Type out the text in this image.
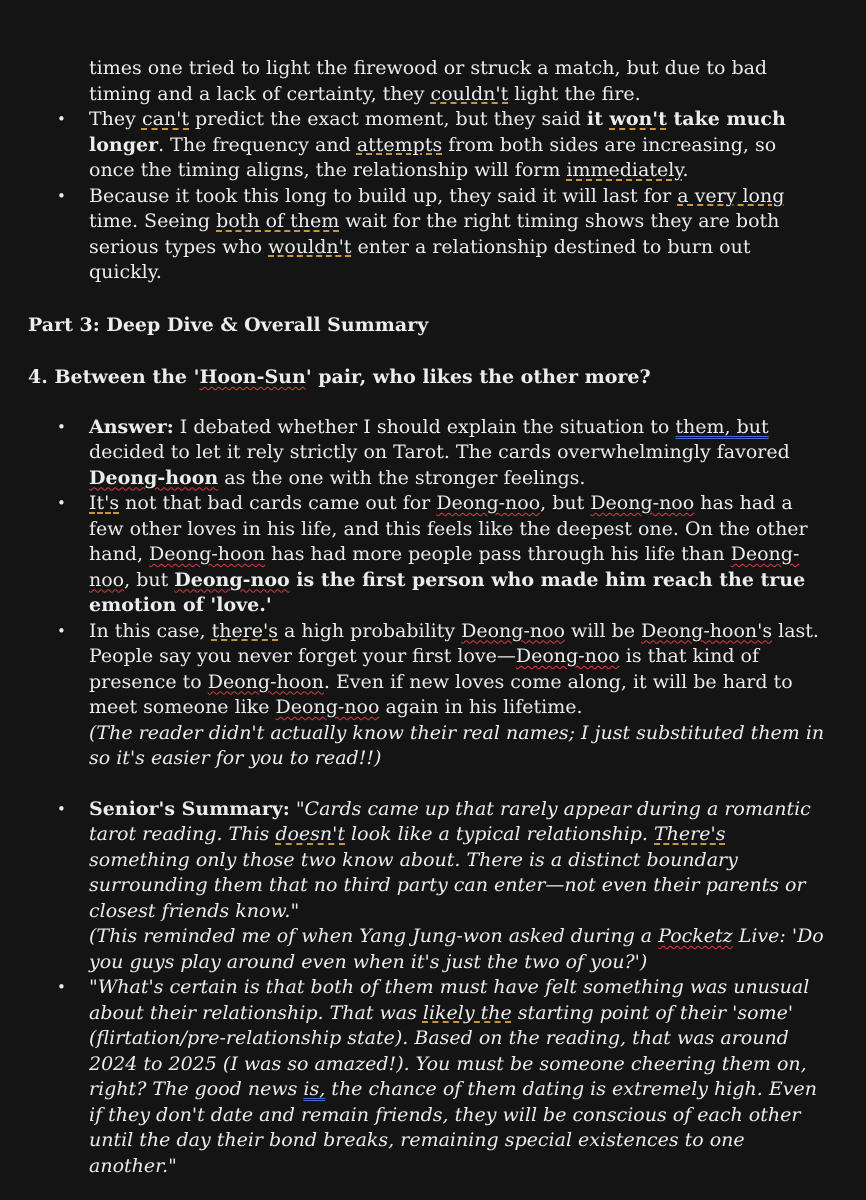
times one tried to light the firewood or struck a match, but due to bad timing and a lack of certainty, they couldn't light the fire.
• They can't predict the exact moment, but they said it won't take much longer. The frequency and attempts from both sides are increasing, so once the timing aligns, the relationship will form immediately.
• Because it took this long to build up, they said it will last for a very long time. Seeing both of them wait for the right timing shows they are both serious types who wouldn't enter a relationship destined to burn out quickly.
Part 3: Deep Dive & Overall Summary
4. Between the 'Hoon-Sun' pair, who likes the other more?
• Answer: I debated whether I should explain the situation to them, but decided to let it rely strictly on Tarot. The cards overwhelmingly favored Deong-hoon as the one with the stronger feelings.
• It's not that bad cards came out for Deong-noo, but Deong-noo has had a few other loves in his life, and this feels like the deepest one. On the other hand, Deong-hoon has had more people pass through his life than Deong-noo, but Deong-noo is the first person who made him reach the true emotion of 'love.'
• In this case, there's a high probability Deong-noo will be Deong-hoon's last. People say you never forget your first love—Deong-noo is that kind of presence to Deong-hoon. Even if new loves come along, it will be hard to meet someone like Deong-noo again in his lifetime.
(The reader didn't actually know their real names; I just substituted them in so it's easier for you to read!!)
• Senior's Summary: "Cards came up that rarely appear during a romantic tarot reading. This doesn't look like a typical relationship. There's something only those two know about. There is a distinct boundary surrounding them that no third party can enter—not even their parents or closest friends know."
(This reminded me of when Yang Jung-won asked during a Pocketz Live: 'Do you guys play around even when it's just the two of you?')
• "What's certain is that both of them must have felt something was unusual about their relationship. That was likely the starting point of their 'some' (flirtation/pre-relationship state). Based on the reading, that was around 2024 to 2025 (I was so amazed!). You must be someone cheering them on, right? The good news is, the chance of them dating is extremely high. Even if they don't date and remain friends, they will be conscious of each other until the day their bond breaks, remaining special existences to one another."
